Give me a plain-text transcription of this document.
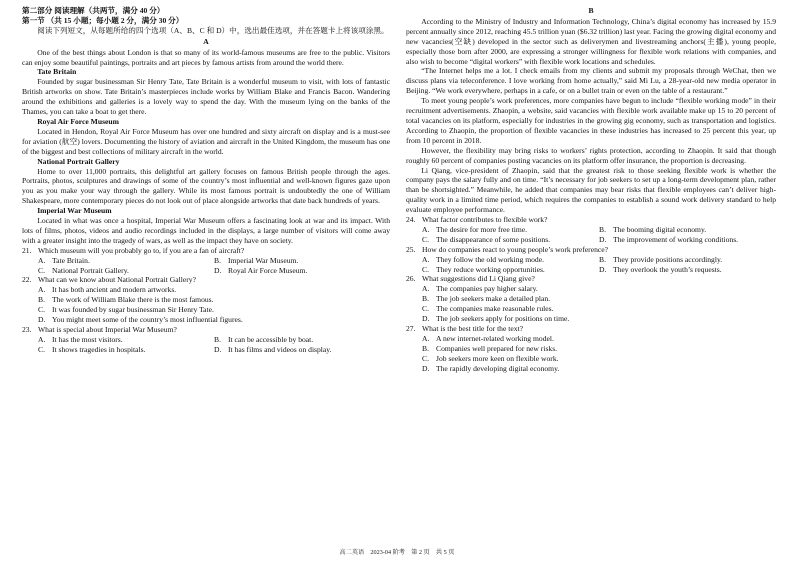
第二部分 阅读理解（共两节，满分 40 分）

第一节 （共 15 小题；每小题 2 分，满分 30 分）

阅读下列短文，从每题所给的四个选项（A、B、C 和 D）中，选出最佳选项，并在答题卡上将该项涂黑。

A

One of the best things about London is that so many of its world-famous museums are free to the public. Visitors can enjoy some beautiful paintings, portraits and art pieces by famous artists from around the world there.

Tate Britain

Founded by sugar businessman Sir Henry Tate, Tate Britain is a wonderful museum to visit, with lots of fantastic British artworks on show. Tate Britain’s masterpieces include works by William Blake and Francis Bacon. Wandering around the exhibitions and galleries is a lovely way to spend the day. With the museum lying on the banks of the Thames, you can take a boat to get there.

Royal Air Force Museum

Located in Hendon, Royal Air Force Museum has over one hundred and sixty aircraft on display and is a must-see for aviation (航空) lovers. Documenting the history of aviation and aircraft in the United Kingdom, the museum has one of the biggest and best collections of military aircraft in the world.

National Portrait Gallery

Home to over 11,000 portraits, this delightful art gallery focuses on famous British people through the ages. Portraits, photos, sculptures and drawings of some of the country’s most influential and well-known figures gaze upon you as you make your way through the gallery. While its most famous portrait is undoubtedly the one of William Shakespeare, more contemporary pieces do not look out of place alongside artworks that date back hundreds of years.

Imperial War Museum

Located in what was once a hospital, Imperial War Museum offers a fascinating look at war and its impact. With lots of films, photos, videos and audio recordings included in the displays, a large number of visitors will come away with a greater insight into the tragedy of wars, as well as the impact they have on society.

21. Which museum will you probably go to, if you are a fan of aircraft?
A. Tate Britain.	B. Imperial War Museum.
C. National Portrait Gallery.	D. Royal Air Force Museum.
22. What can we know about National Portrait Gallery?
A. It has both ancient and modern artworks.
B. The work of William Blake there is the most famous.
C. It was founded by sugar businessman Sir Henry Tate.
D. You might meet some of the country’s most influential figures.
23. What is special about Imperial War Museum?
A. It has the most visitors.	B. It can be accessible by boat.
C. It shows tragedies in hospitals.	D. It has films and videos on display.

B

According to the Ministry of Industry and Information Technology, China’s digital economy has increased by 15.9 percent annually since 2012, reaching 45.5 trillion yuan ($6.32 trillion) last year. Facing the growing digital economy and new vacancies(空缺) developed in the sector such as deliverymen and livestreaming anchors(主播), young people, especially those born after 2000, are expressing a stronger willingness for flexible work relations with companies, and also wish to become “digital workers” with flexible work locations and schedules.

“The Internet helps me a lot. I check emails from my clients and submit my proposals through WeChat, then we discuss plans via teleconference. I love working from home actually,” said Mi Lu, a 28-year-old new media operator in Beijing. “We work everywhere, perhaps in a cafe, or on a bullet train or even on the table of a restaurant.”

To meet young people’s work preferences, more companies have begun to include “flexible working mode” in their recruitment advertisements. Zhaopin, a website, said vacancies with flexible work available make up 15 to 20 percent of total vacancies on its platform, especially for industries in the growing gig economy, such as transportation and logistics. According to Zhaopin, the proportion of flexible vacancies in these industries has increased to 25 percent this year, up from 10 percent in 2018.

However, the flexibility may bring risks to workers’ rights protection, according to Zhaopin. It said that though roughly 60 percent of companies posting vacancies on its platform offer insurance, the proportion is decreasing.

Li Qiang, vice-president of Zhaopin, said that the greatest risk to those seeking flexible work is whether the company pays the salary fully and on time. “It’s necessary for job seekers to set up a long-term development plan, rather than be shortsighted.” Meanwhile, he added that companies may bear risks that flexible employees can’t deliver high-quality work in a limited time period, which requires the companies to establish a sound work delivery standard to help evaluate employee performance.

24. What factor contributes to flexible work?
A. The desire for more free time.	B. The booming digital economy.
C. The disappearance of some positions.	D. The improvement of working conditions.
25. How do companies react to young people’s work preference?
A. They follow the old working mode.	B. They provide positions accordingly.
C. They reduce working opportunities.	D. They overlook the youth’s requests.
26. What suggestions did Li Qiang give?
A. The companies pay higher salary.
B. The job seekers make a detailed plan.
C. The companies make reasonable rules.
D. The job seekers apply for positions on time.
27. What is the best title for the text?
A. A new internet-related working model.
B. Companies well prepared for new risks.
C. Job seekers more keen on flexible work.
D. The rapidly developing digital economy.
高二英语　2023-04 阶考　第 2 页　共 5 页
